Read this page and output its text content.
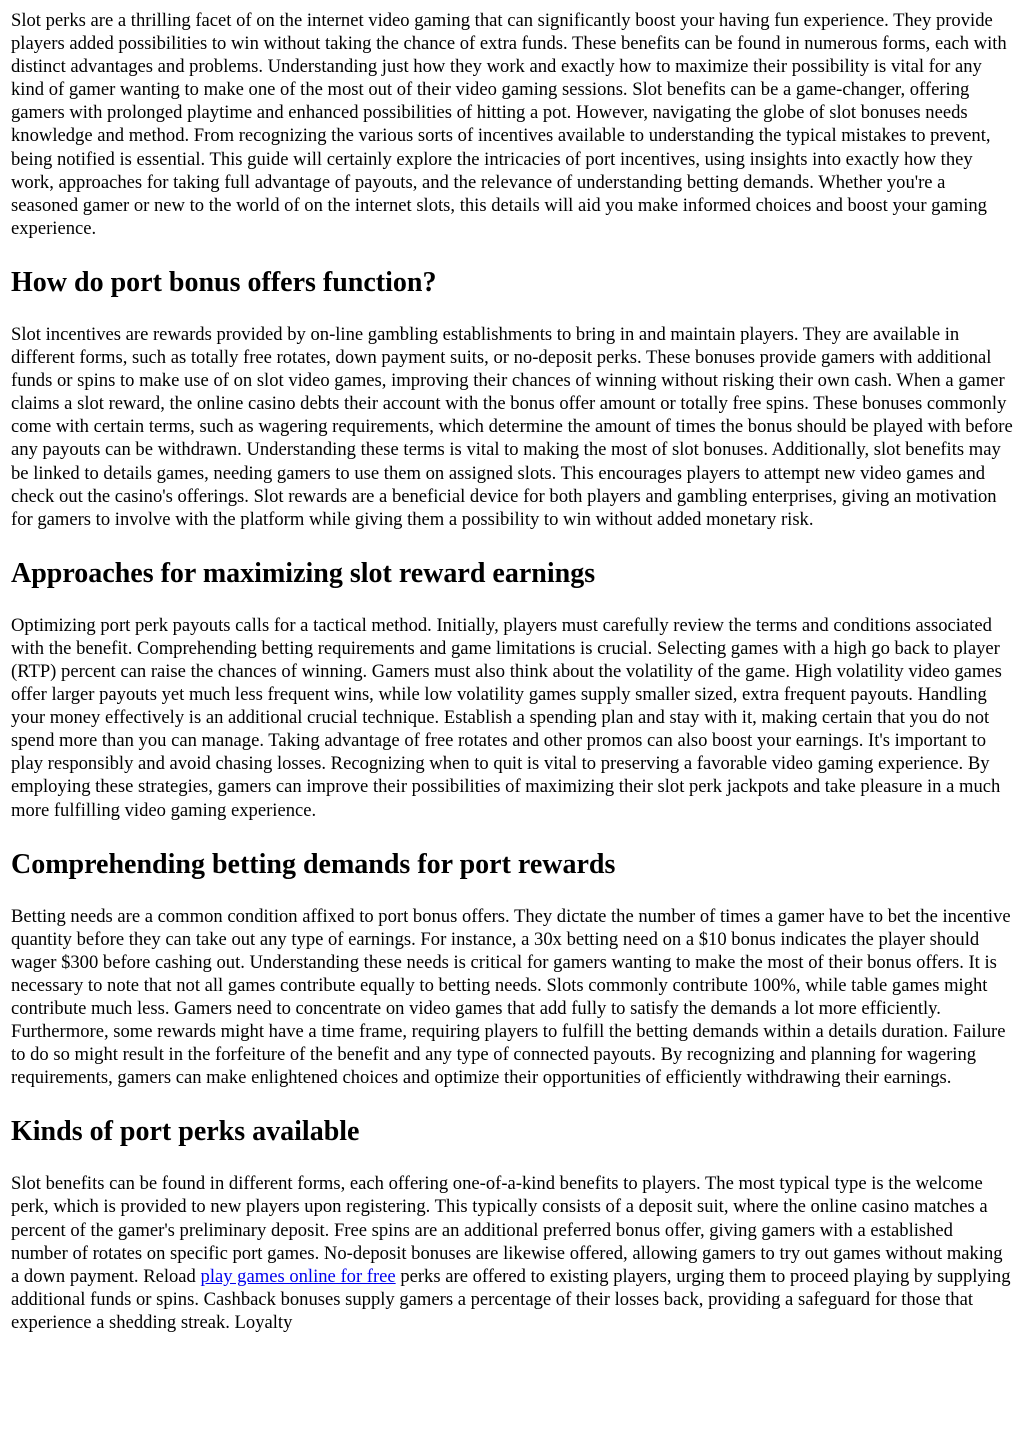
Slot perks are a thrilling facet of on the internet video gaming that can significantly boost your having fun experience. They provide players added possibilities to win without taking the chance of extra funds. These benefits can be found in numerous forms, each with distinct advantages and problems. Understanding just how they work and exactly how to maximize their possibility is vital for any kind of gamer wanting to make one of the most out of their video gaming sessions. Slot benefits can be a game-changer, offering gamers with prolonged playtime and enhanced possibilities of hitting a pot. However, navigating the globe of slot bonuses needs knowledge and method. From recognizing the various sorts of incentives available to understanding the typical mistakes to prevent, being notified is essential. This guide will certainly explore the intricacies of port incentives, using insights into exactly how they work, approaches for taking full advantage of payouts, and the relevance of understanding betting demands. Whether you're a seasoned gamer or new to the world of on the internet slots, this details will aid you make informed choices and boost your gaming experience.

How do port bonus offers function?

Slot incentives are rewards provided by on-line gambling establishments to bring in and maintain players. They are available in different forms, such as totally free rotates, down payment suits, or no-deposit perks. These bonuses provide gamers with additional funds or spins to make use of on slot video games, improving their chances of winning without risking their own cash. When a gamer claims a slot reward, the online casino debts their account with the bonus offer amount or totally free spins. These bonuses commonly come with certain terms, such as wagering requirements, which determine the amount of times the bonus should be played with before any payouts can be withdrawn. Understanding these terms is vital to making the most of slot bonuses. Additionally, slot benefits may be linked to details games, needing gamers to use them on assigned slots. This encourages players to attempt new video games and check out the casino's offerings. Slot rewards are a beneficial device for both players and gambling enterprises, giving an motivation for gamers to involve with the platform while giving them a possibility to win without added monetary risk.

Approaches for maximizing slot reward earnings

Optimizing port perk payouts calls for a tactical method. Initially, players must carefully review the terms and conditions associated with the benefit. Comprehending betting requirements and game limitations is crucial. Selecting games with a high go back to player (RTP) percent can raise the chances of winning. Gamers must also think about the volatility of the game. High volatility video games offer larger payouts yet much less frequent wins, while low volatility games supply smaller sized, extra frequent payouts. Handling your money effectively is an additional crucial technique. Establish a spending plan and stay with it, making certain that you do not spend more than you can manage. Taking advantage of free rotates and other promos can also boost your earnings. It's important to play responsibly and avoid chasing losses. Recognizing when to quit is vital to preserving a favorable video gaming experience. By employing these strategies, gamers can improve their possibilities of maximizing their slot perk jackpots and take pleasure in a much more fulfilling video gaming experience.

Comprehending betting demands for port rewards

Betting needs are a common condition affixed to port bonus offers. They dictate the number of times a gamer have to bet the incentive quantity before they can take out any type of earnings. For instance, a 30x betting need on a $10 bonus indicates the player should wager $300 before cashing out. Understanding these needs is critical for gamers wanting to make the most of their bonus offers. It is necessary to note that not all games contribute equally to betting needs. Slots commonly contribute 100%, while table games might contribute much less. Gamers need to concentrate on video games that add fully to satisfy the demands a lot more efficiently. Furthermore, some rewards might have a time frame, requiring players to fulfill the betting demands within a details duration. Failure to do so might result in the forfeiture of the benefit and any type of connected payouts. By recognizing and planning for wagering requirements, gamers can make enlightened choices and optimize their opportunities of efficiently withdrawing their earnings.

Kinds of port perks available

Slot benefits can be found in different forms, each offering one-of-a-kind benefits to players. The most typical type is the welcome perk, which is provided to new players upon registering. This typically consists of a deposit suit, where the online casino matches a percent of the gamer's preliminary deposit. Free spins are an additional preferred bonus offer, giving gamers with a established number of rotates on specific port games. No-deposit bonuses are likewise offered, allowing gamers to try out games without making a down payment. Reload play games online for free perks are offered to existing players, urging them to proceed playing by supplying additional funds or spins. Cashback bonuses supply gamers a percentage of their losses back, providing a safeguard for those that experience a shedding streak. Loyalty
